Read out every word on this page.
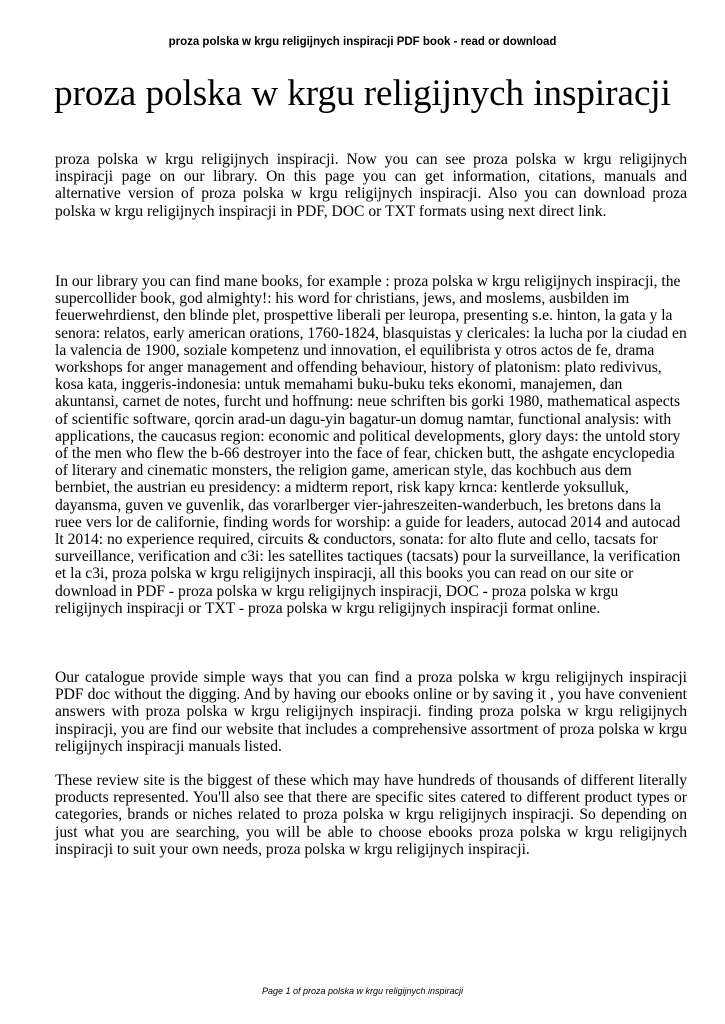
proza polska w krgu religijnych inspiracji PDF book - read or download
proza polska w krgu religijnych inspiracji

proza polska w krgu religijnych inspiracji. Now you can see proza polska w krgu religijnych inspiracji page on our library. On this page you can get information, citations, manuals and alternative version of proza polska w krgu religijnych inspiracji. Also you can download proza polska w krgu religijnych inspiracji in PDF, DOC or TXT formats using next direct link.

In our library you can find mane books, for example : proza polska w krgu religijnych inspiracji, the supercollider book, god almighty!: his word for christians, jews, and moslems, ausbilden im feuerwehrdienst, den blinde plet, prospettive liberali per leuropa, presenting s.e. hinton, la gata y la senora: relatos, early american orations, 1760-1824, blasquistas y clericales: la lucha por la ciudad en la valencia de 1900, soziale kompetenz und innovation, el equilibrista y otros actos de fe, drama workshops for anger management and offending behaviour, history of platonism: plato redivivus, kosa kata, inggeris-indonesia: untuk memahami buku-buku teks ekonomi, manajemen, dan akuntansi, carnet de notes, furcht und hoffnung: neue schriften bis gorki 1980, mathematical aspects of scientific software, qorcin arad-un dagu-yin bagatur-un domug namtar, functional analysis: with applications, the caucasus region: economic and political developments, glory days: the untold story of the men who flew the b-66 destroyer into the face of fear, chicken butt, the ashgate encyclopedia of literary and cinematic monsters, the religion game, american style, das kochbuch aus dem bernbiet, the austrian eu presidency: a midterm report, risk kapy krnca: kentlerde yoksulluk, dayansma, guven ve guvenlik, das vorarlberger vier-jahreszeiten-wanderbuch, les bretons dans la ruee vers lor de californie, finding words for worship: a guide for leaders, autocad 2014 and autocad lt 2014: no experience required, circuits & conductors, sonata: for alto flute and cello, tacsats for surveillance, verification and c3i: les satellites tactiques (tacsats) pour la surveillance, la verification et la c3i, proza polska w krgu religijnych inspiracji, all this books you can read on our site or download in PDF - proza polska w krgu religijnych inspiracji, DOC - proza polska w krgu religijnych inspiracji or TXT - proza polska w krgu religijnych inspiracji format online.

Our catalogue provide simple ways that you can find a proza polska w krgu religijnych inspiracji PDF doc without the digging. And by having our ebooks online or by saving it , you have convenient answers with proza polska w krgu religijnych inspiracji. finding proza polska w krgu religijnych inspiracji, you are find our website that includes a comprehensive assortment of proza polska w krgu religijnych inspiracji manuals listed.

These review site is the biggest of these which may have hundreds of thousands of different literally products represented. You'll also see that there are specific sites catered to different product types or categories, brands or niches related to proza polska w krgu religijnych inspiracji. So depending on just what you are searching, you will be able to choose ebooks proza polska w krgu religijnych inspiracji to suit your own needs, proza polska w krgu religijnych inspiracji.

Page 1 of proza polska w krgu religijnych inspiracji
